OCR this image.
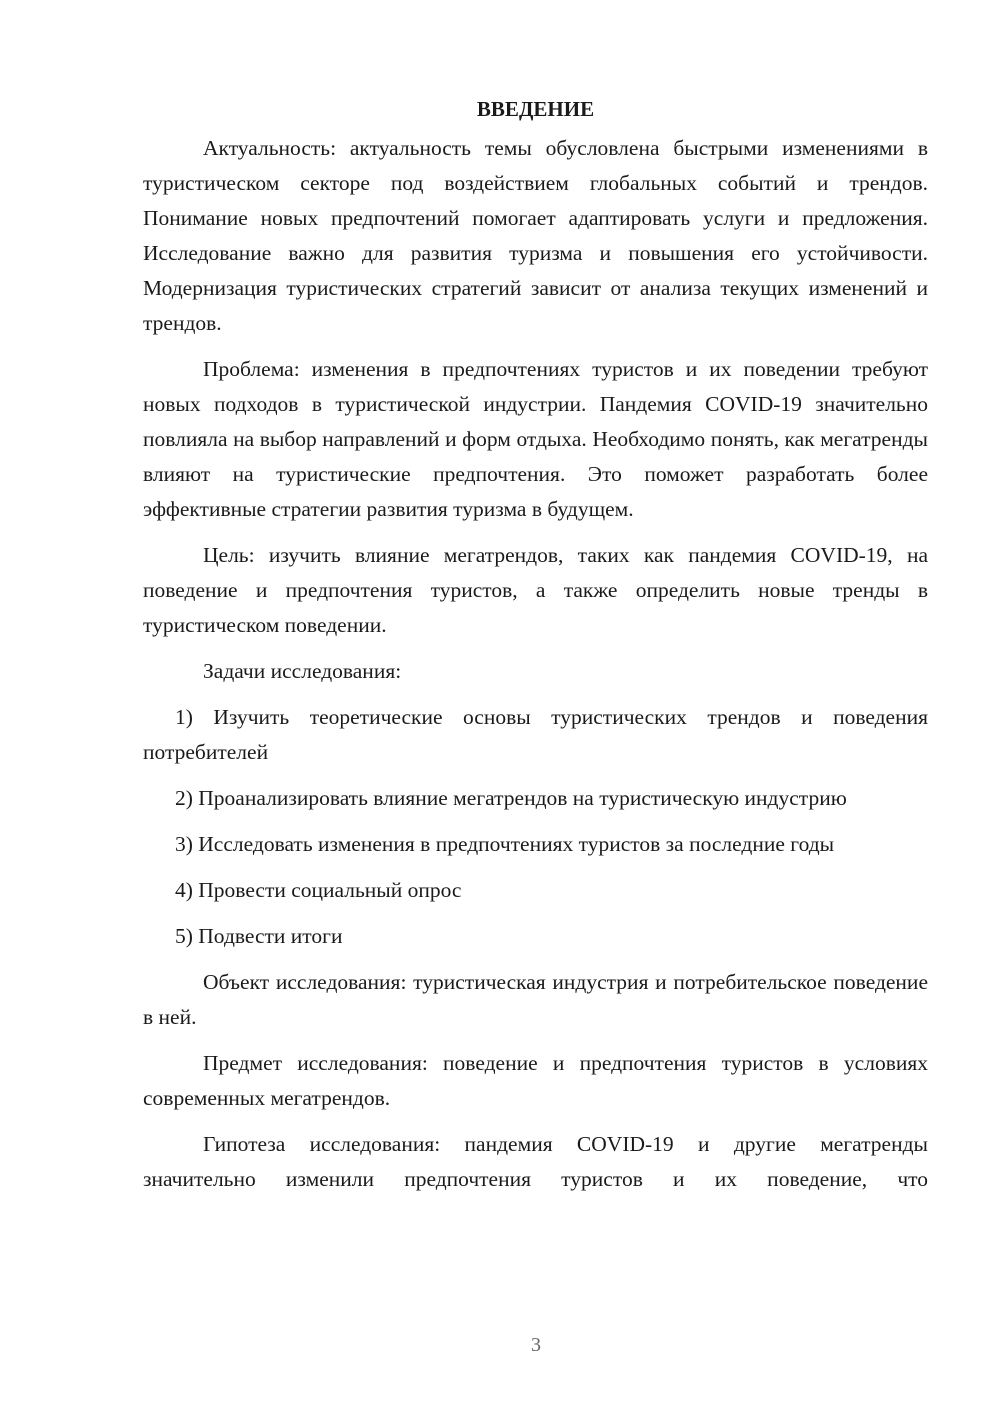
ВВЕДЕНИЕ

Актуальность: актуальность темы обусловлена быстрыми изменениями в туристическом секторе под воздействием глобальных событий и трендов. Понимание новых предпочтений помогает адаптировать услуги и предложения. Исследование важно для развития туризма и повышения его устойчивости. Модернизация туристических стратегий зависит от анализа текущих изменений и трендов.

Проблема: изменения в предпочтениях туристов и их поведении требуют новых подходов в туристической индустрии. Пандемия COVID-19 значительно повлияла на выбор направлений и форм отдыха. Необходимо понять, как мегатренды влияют на туристические предпочтения. Это поможет разработать более эффективные стратегии развития туризма в будущем.

Цель: изучить влияние мегатрендов, таких как пандемия COVID-19, на поведение и предпочтения туристов, а также определить новые тренды в туристическом поведении.

Задачи исследования:

1) Изучить теоретические основы туристических трендов и поведения потребителей

2) Проанализировать влияние мегатрендов на туристическую индустрию

3) Исследовать изменения в предпочтениях туристов за последние годы

4) Провести социальный опрос

5) Подвести итоги

Объект исследования: туристическая индустрия и потребительское поведение в ней.

Предмет исследования: поведение и предпочтения туристов в условиях современных мегатрендов.

Гипотеза исследования: пандемия COVID-19 и другие мегатренды значительно изменили предпочтения туристов и их поведение, что

3
